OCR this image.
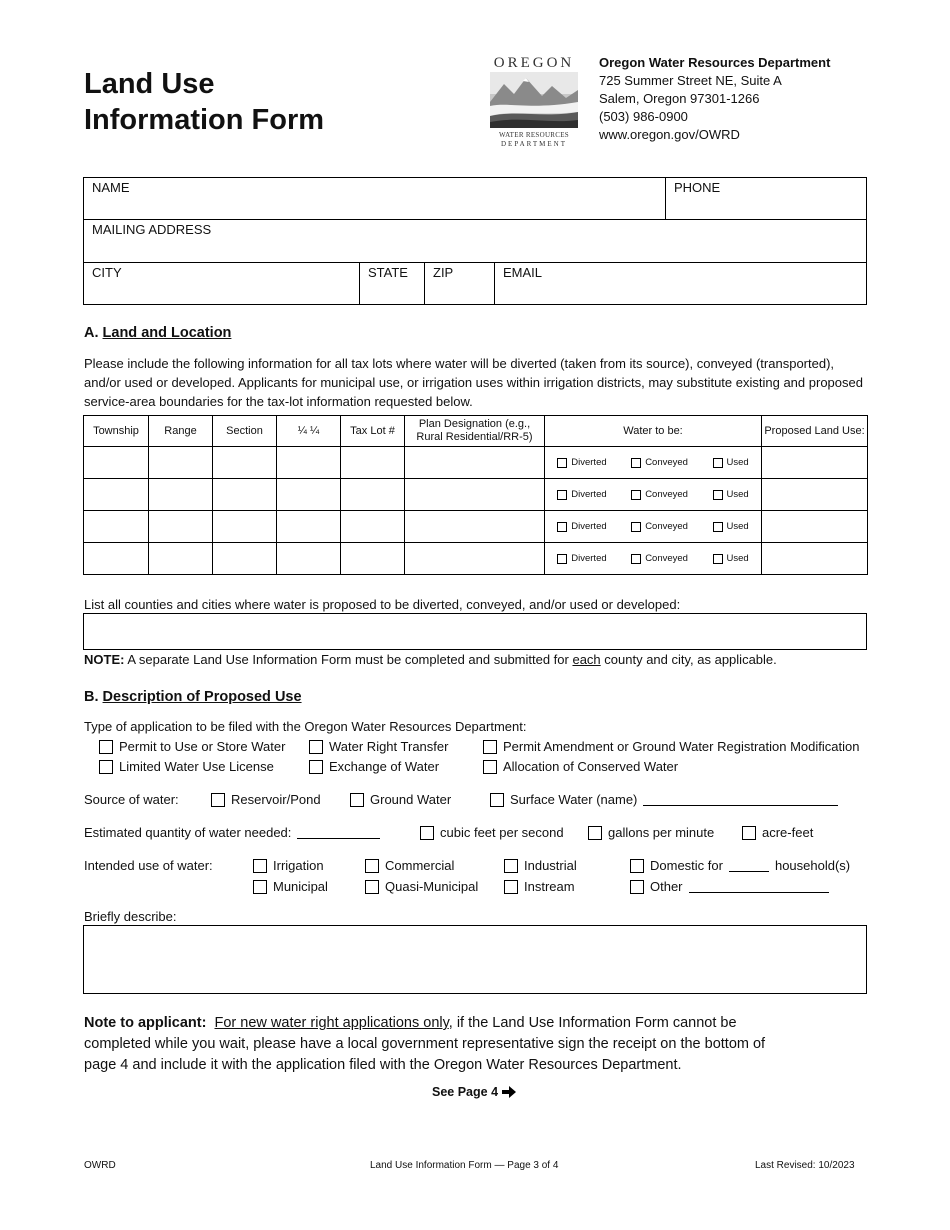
Land Use
Information Form
OREGON
WATER RESOURCES
DEPARTMENT
Oregon Water Resources Department
725 Summer Street NE, Suite A
Salem, Oregon 97301-1266
(503) 986-0900
www.oregon.gov/OWRD
NAME	PHONE
MAILING ADDRESS
CITY	STATE	ZIP	EMAIL
A. Land and Location
Please include the following information for all tax lots where water will be diverted (taken from its source), conveyed (transported), and/or used or developed. Applicants for municipal use, or irrigation uses within irrigation districts, may substitute existing and proposed service-area boundaries for the tax-lot information requested below.
Township	Range	Section	¼ ¼	Tax Lot #	Plan Designation (e.g., Rural Residential/RR-5)	Water to be:	Proposed Land Use:

						Diverted Conveyed Used	

						Diverted Conveyed Used	

						Diverted Conveyed Used	

						Diverted Conveyed Used	

List all counties and cities where water is proposed to be diverted, conveyed, and/or used or developed:
NOTE: A separate Land Use Information Form must be completed and submitted for each county and city, as applicable.
B. Description of Proposed Use
Type of application to be filed with the Oregon Water Resources Department:
Permit to Use or Store Water	Water Right Transfer	Permit Amendment or Ground Water Registration Modification
Limited Water Use License	Exchange of Water	Allocation of Conserved Water
Source of water:	Reservoir/Pond	Ground Water	Surface Water (name)
Estimated quantity of water needed:	cubic feet per second	gallons per minute	acre-feet
Intended use of water:	Irrigation	Commercial	Industrial	Domestic for	household(s)
Municipal	Quasi-Municipal	Instream	Other
Briefly describe:
Note to applicant: For new water right applications only, if the Land Use Information Form cannot be
completed while you wait, please have a local government representative sign the receipt on the bottom of
page 4 and include it with the application filed with the Oregon Water Resources Department.
See Page 4
OWRD	Land Use Information Form — Page 3 of 4	Last Revised: 10/2023
